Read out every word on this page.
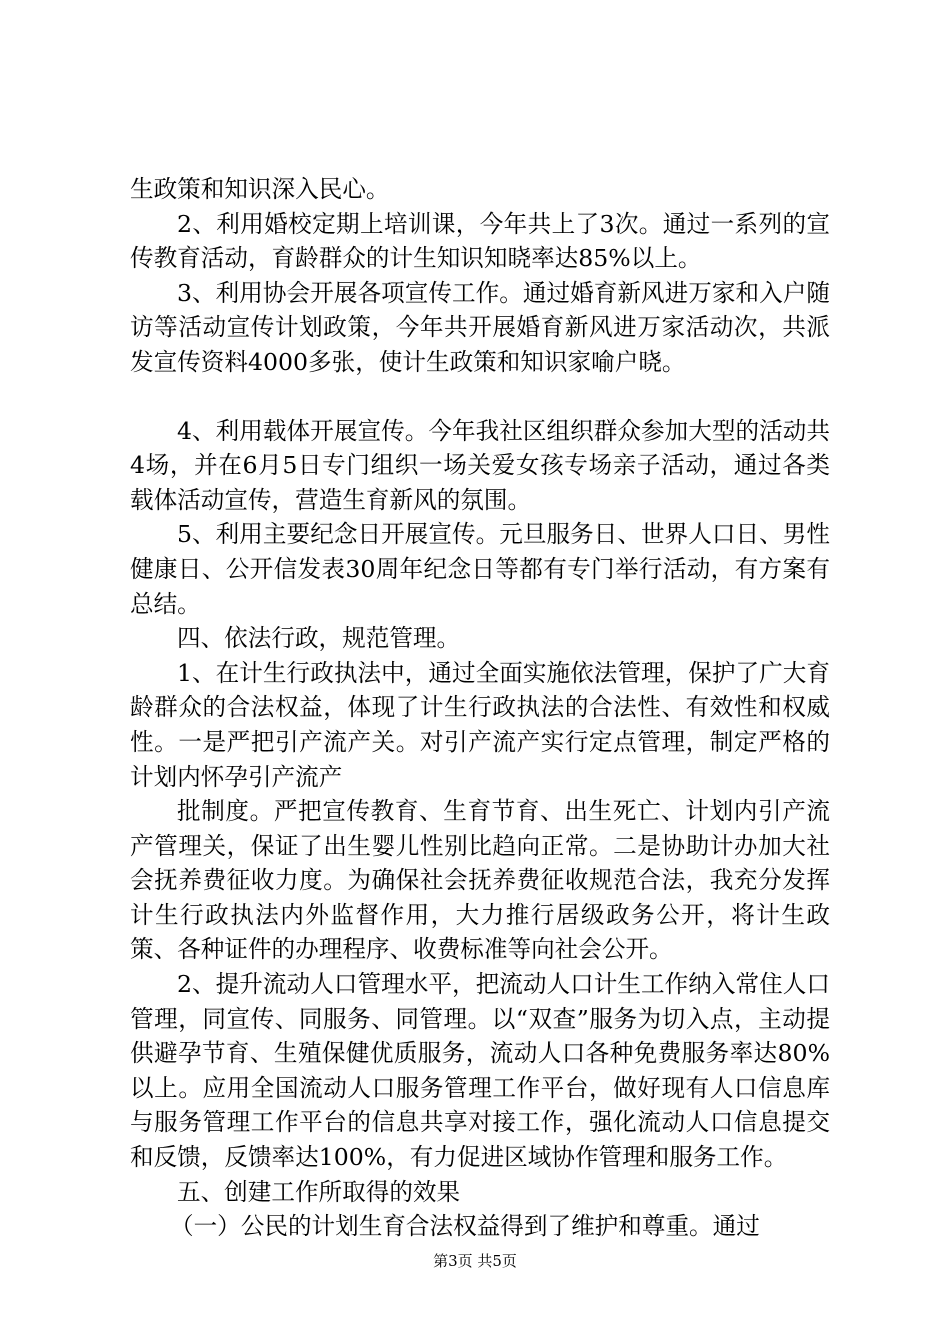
生政策和知识深入民心。

2、利用婚校定期上培训课，今年共上了3次。通过一系列的宣传教育活动，育龄群众的计生知识知晓率达85%以上。

3、利用协会开展各项宣传工作。通过婚育新风进万家和入户随访等活动宣传计划政策，今年共开展婚育新风进万家活动次，共派发宣传资料4000多张，使计生政策和知识家喻户晓。

4、利用载体开展宣传。今年我社区组织群众参加大型的活动共4场，并在6月5日专门组织一场关爱女孩专场亲子活动，通过各类载体活动宣传，营造生育新风的氛围。

5、利用主要纪念日开展宣传。元旦服务日、世界人口日、男性健康日、公开信发表30周年纪念日等都有专门举行活动，有方案有总结。

四、依法行政，规范管理。

1、在计生行政执法中，通过全面实施依法管理，保护了广大育龄群众的合法权益，体现了计生行政执法的合法性、有效性和权威性。一是严把引产流产关。对引产流产实行定点管理，制定严格的计划内怀孕引产流产

批制度。严把宣传教育、生育节育、出生死亡、计划内引产流产管理关，保证了出生婴儿性别比趋向正常。二是协助计办加大社会抚养费征收力度。为确保社会抚养费征收规范合法，我充分发挥计生行政执法内外监督作用，大力推行居级政务公开，将计生政策、各种证件的办理程序、收费标准等向社会公开。

2、提升流动人口管理水平，把流动人口计生工作纳入常住人口管理，同宣传、同服务、同管理。以“双查”服务为切入点，主动提供避孕节育、生殖保健优质服务，流动人口各种免费服务率达80%以上。应用全国流动人口服务管理工作平台，做好现有人口信息库与服务管理工作平台的信息共享对接工作，强化流动人口信息提交和反馈，反馈率达100%，有力促进区域协作管理和服务工作。

五、创建工作所取得的效果

（一）公民的计划生育合法权益得到了维护和尊重。通过

第3页 共5页
